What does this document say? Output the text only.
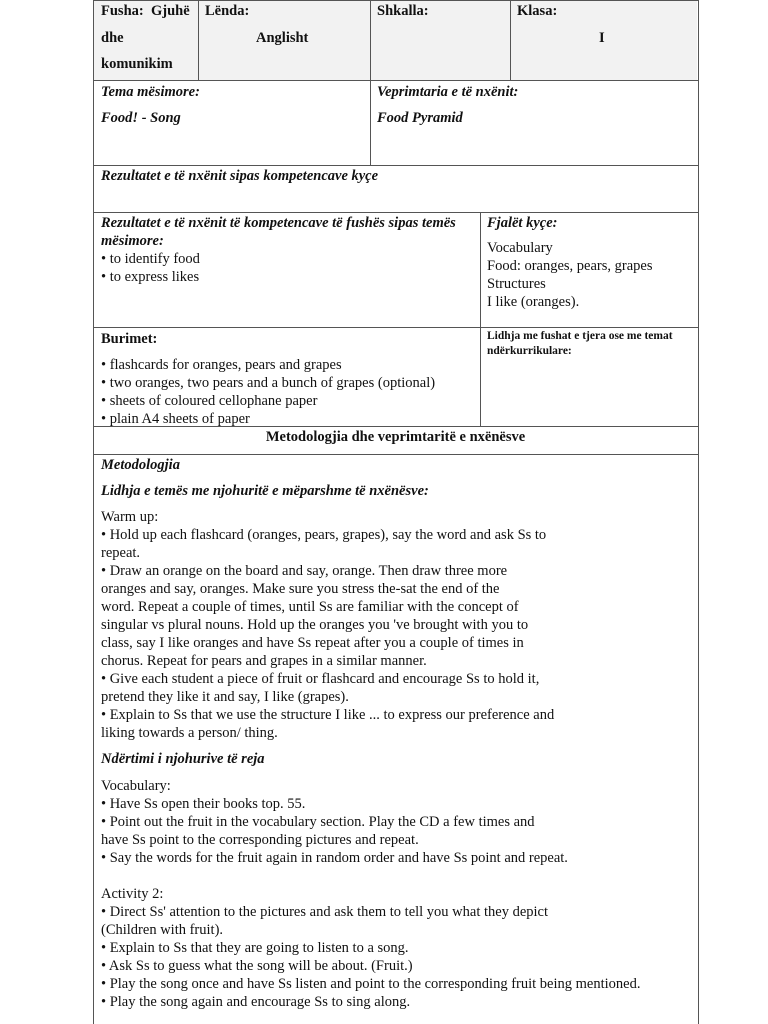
Fusha: Gjuhë
dhe
komunikim
Lënda:
Anglisht
Shkalla:	Klasa:
I
Tema mësimore:
Food! - Song
Veprimtaria e të nxënit:
Food Pyramid
Rezultatet e të nxënit sipas kompetencave kyçe
Rezultatet e të nxënit të kompetencave të fushës sipas temës
mësimore:
• to identify food
• to express likes
Fjalët kyçe:
Vocabulary
Food: oranges, pears, grapes
Structures
I like (oranges).
Burimet:
• flashcards for oranges, pears and grapes
• two oranges, two pears and a bunch of grapes (optional)
• sheets of coloured cellophane paper
• plain A4 sheets of paper
Lidhja me fushat e tjera ose me temat
ndërkurrikulare:
Metodologjia dhe veprimtaritë e nxënësve
Metodologjia
Lidhja e temës me njohuritë e mëparshme të nxënësve:
Warm up:
• Hold up each flashcard (oranges, pears, grapes), say the word and ask Ss to
repeat.
• Draw an orange on the board and say, orange. Then draw three more
oranges and say, oranges. Make sure you stress the-sat the end of the
word. Repeat a couple of times, until Ss are familiar with the concept of
singular vs plural nouns. Hold up the oranges you 've brought with you to
class, say I like oranges and have Ss repeat after you a couple of times in
chorus. Repeat for pears and grapes in a similar manner.
• Give each student a piece of fruit or flashcard and encourage Ss to hold it,
pretend they like it and say, I like (grapes).
• Explain to Ss that we use the structure I like ... to express our preference and
liking towards a person/ thing.
Ndërtimi i njohurive të reja
Vocabulary:
• Have Ss open their books top. 55.
• Point out the fruit in the vocabulary section. Play the CD a few times and
have Ss point to the corresponding pictures and repeat.
• Say the words for the fruit again in random order and have Ss point and repeat.
Activity 2:
• Direct Ss' attention to the pictures and ask them to tell you what they depict
(Children with fruit).
• Explain to Ss that they are going to listen to a song.
• Ask Ss to guess what the song will be about. (Fruit.)
• Play the song once and have Ss listen and point to the corresponding fruit being mentioned.
• Play the song again and encourage Ss to sing along.
